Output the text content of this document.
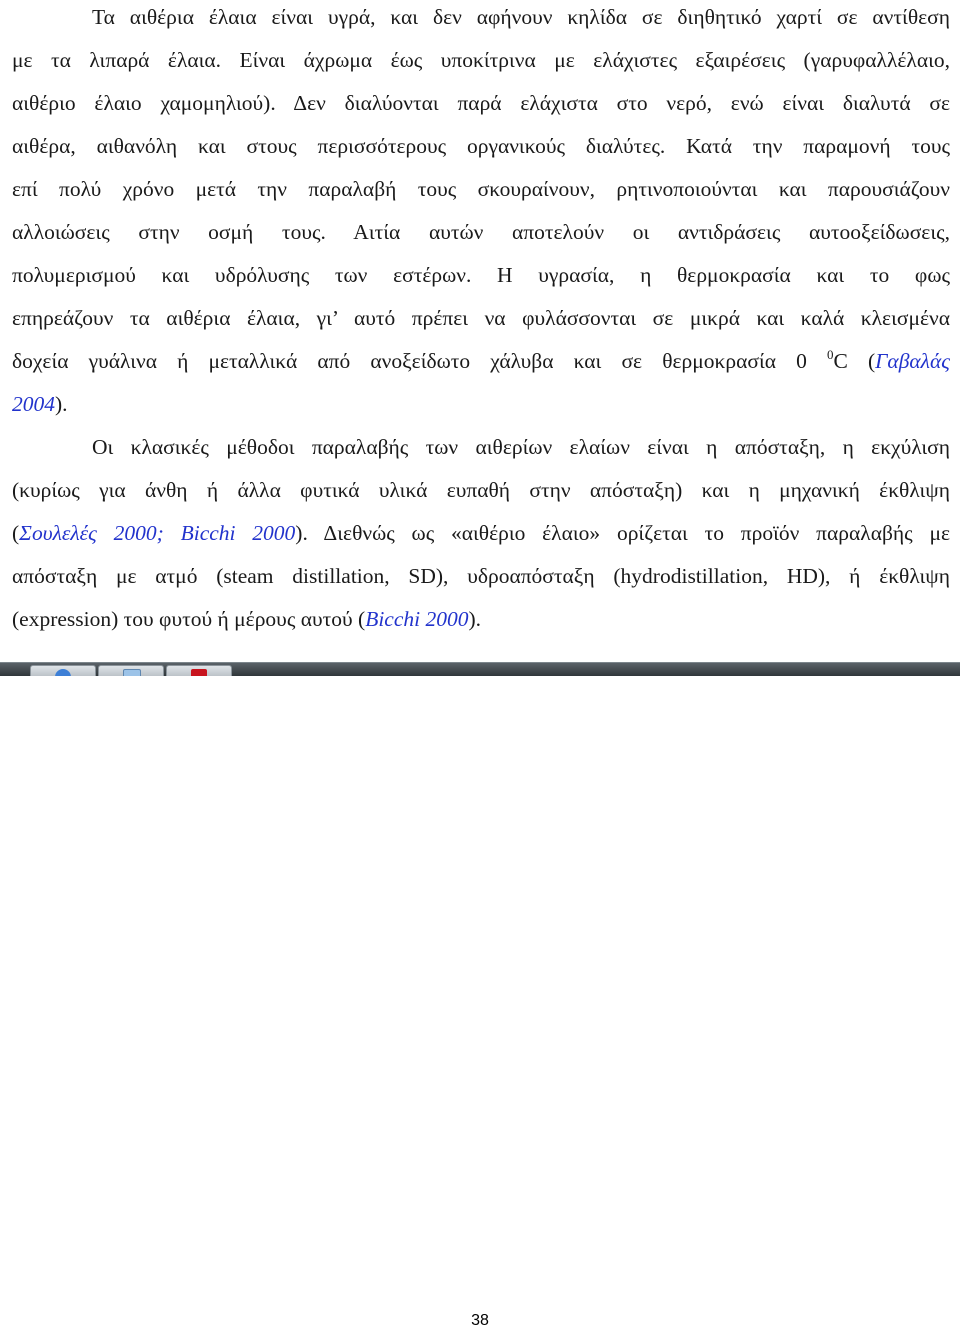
Τα αιθέρια έλαια είναι υγρά, και δεν αφήνουν κηλίδα σε διηθητικό χαρτί σε αντίθεση
με τα λιπαρά έλαια. Είναι άχρωμα έως υποκίτρινα με ελάχιστες εξαιρέσεις (γαρυφαλλέλαιο,
αιθέριο έλαιο χαμομηλιού). Δεν διαλύονται παρά ελάχιστα στο νερό, ενώ είναι διαλυτά σε
αιθέρα, αιθανόλη και στους περισσότερους οργανικούς διαλύτες. Κατά την παραμονή τους
επί πολύ χρόνο μετά την παραλαβή τους σκουραίνουν, ρητινοποιούνται και παρουσιάζουν
αλλοιώσεις στην οσμή τους. Αιτία αυτών αποτελούν οι αντιδράσεις αυτοοξείδωσεις,
πολυμερισμού και υδρόλυσης των εστέρων. Η υγρασία, η θερμοκρασία και το φως
επηρεάζουν τα αιθέρια έλαια, γι’ αυτό πρέπει να φυλάσσονται σε μικρά και καλά κλεισμένα
δοχεία γυάλινα ή μεταλλικά από ανοξείδωτο χάλυβα και σε θερμοκρασία 0 $^0$C (Γαβαλάς
2004).
Οι κλασικές μέθοδοι παραλαβής των αιθερίων ελαίων είναι η απόσταξη, η εκχύλιση
(κυρίως για άνθη ή άλλα φυτικά υλικά ευπαθή στην απόσταξη) και η μηχανική έκθλιψη
(Σουλελές 2000; Bicchi 2000). Διεθνώς ως «αιθέριο έλαιο» ορίζεται το προϊόν παραλαβής με
απόσταξη με ατμό (steam distillation, SD), υδροαπόσταξη (hydrodistillation, HD), ή έκθλιψη
(expression) του φυτού ή μέρους αυτού (Bicchi 2000).
38
